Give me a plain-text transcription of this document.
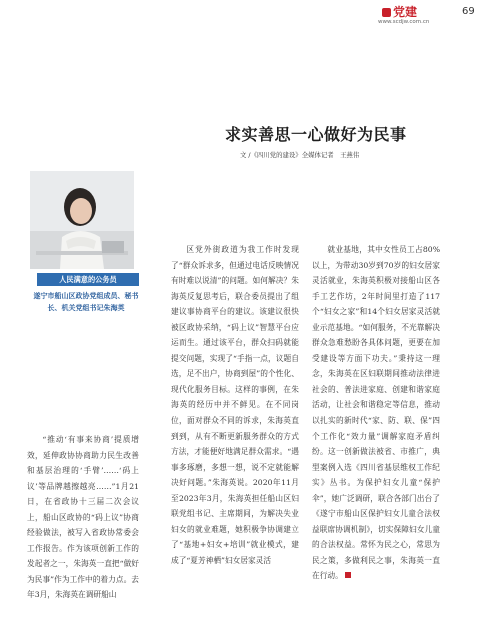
党建
www.scdjw.com.cn
69
求实善思一心做好为民事
文 /《四川党的建设》全媒体记者　王燕伟
人民满意的公务员
遂宁市船山区政协党组成员、秘书长、机关党组书记朱海英

“推动‘有事来协商’提质增效，延伸政协协商助力民生改善和基层治理的‘手臂’……‘码上议’等品牌越擦越亮……”1月21日，在省政协十三届二次会议上，船山区政协的“码上议”协商经验做法，被写入省政协常委会工作报告。作为该项创新工作的发起者之一，朱海英一直把“做好为民事”作为工作中的着力点。去年3月，朱海英在调研船山

区党外街政道为我工作时发现了“群众诉求多，但通过电话反映情况有时难以说清”的问题。如何解决？朱海英反复思考后，联合委员提出了组建议事协商平台的建议。该建议很快被区政协采纳，“码上议”智慧平台应运而生。通过该平台，群众扫码就能提交问题，实现了“手指一点，议题自选，足不出户，协商到屋”的个性化、现代化服务目标。这样的事例，在朱海英的经历中并不鲜见。在不同岗位，面对群众不同的诉求，朱海英直到到，从有不断更新服务群众的方式方法，才能便好地满足群众需求。“遇事多琢磨，多想一想，说不定就能解决好问题。”朱海英说。2020年11月至2023年3月，朱海英担任船山区妇联党组书记、主席期间，为解决失业妇女的就业难题，她积极争协调建立了“基地+妇女+培训”就业模式，建成了“夏芳神栖”妇女居家灵活

就业基地，其中女性员工占80%以上，为带动30岁到70岁的妇女居家灵活就业，朱海英积极对接船山区各手工艺作坊，2年时间里打造了117个“妇女之家”和14个妇女居家灵活就业示范基地。“如何服务，不光靠解决群众急难愁盼各具体问题，更要在加受建设等方面下功夫。”秉持这一理念，朱海英在区妇联期间推动法律进社会的、普法进家庭、创建和谐家庭活动，让社会和谐稳定等信息，推动以扎实的新时代“家、防、联、保”四个工作化“效力量”调解家庭矛盾纠纷。这一创新做法被省、市推广，典型案例入选《四川省基层维权工作纪实》丛书。为保护妇女儿童“保护伞”，她广泛调研，联合各部门出台了《遂宁市船山区保护妇女儿童合法权益联席协调机制》，切实保障妇女儿童的合法权益。常怀为民之心，常思为民之策，多做利民之事，朱海英一直在行动。
